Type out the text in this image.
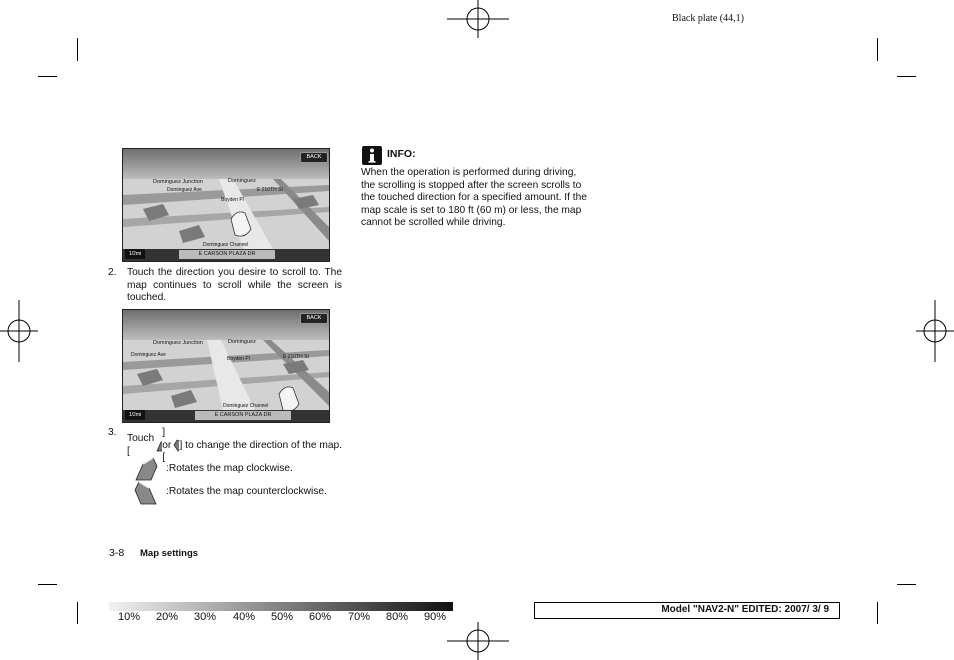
Black plate (44,1)
Dominguez Junction	Dominguez
Dominguez Ave	E 210TH St
Boyden Pl
Dominguez Channel
BACK
E CARSON PLAZA DR
1/2mi
2. Touch the direction you desire to scroll to. The map continues to scroll while the screen is touched.
Dominguez Junction	Dominguez
Dominguez Ave	E 210TH St
Boyden Pl
Dominguez Channel
BACK
E CARSON PLAZA DR
1/2mi
3.
Touch [
] or [
] to change the direction of the map.
:Rotates the map clockwise.
:Rotates the map counterclockwise.
INFO:
When the operation is performed during driving, the scrolling is stopped after the screen scrolls to the touched direction for a specified amount. If the map scale is set to 180 ft (60 m) or less, the map cannot be scrolled while driving.
3-8 Map settings
10% 20% 30% 40% 50% 60% 70% 80% 90%
Model "NAV2-N" EDITED: 2007/ 3/ 9
